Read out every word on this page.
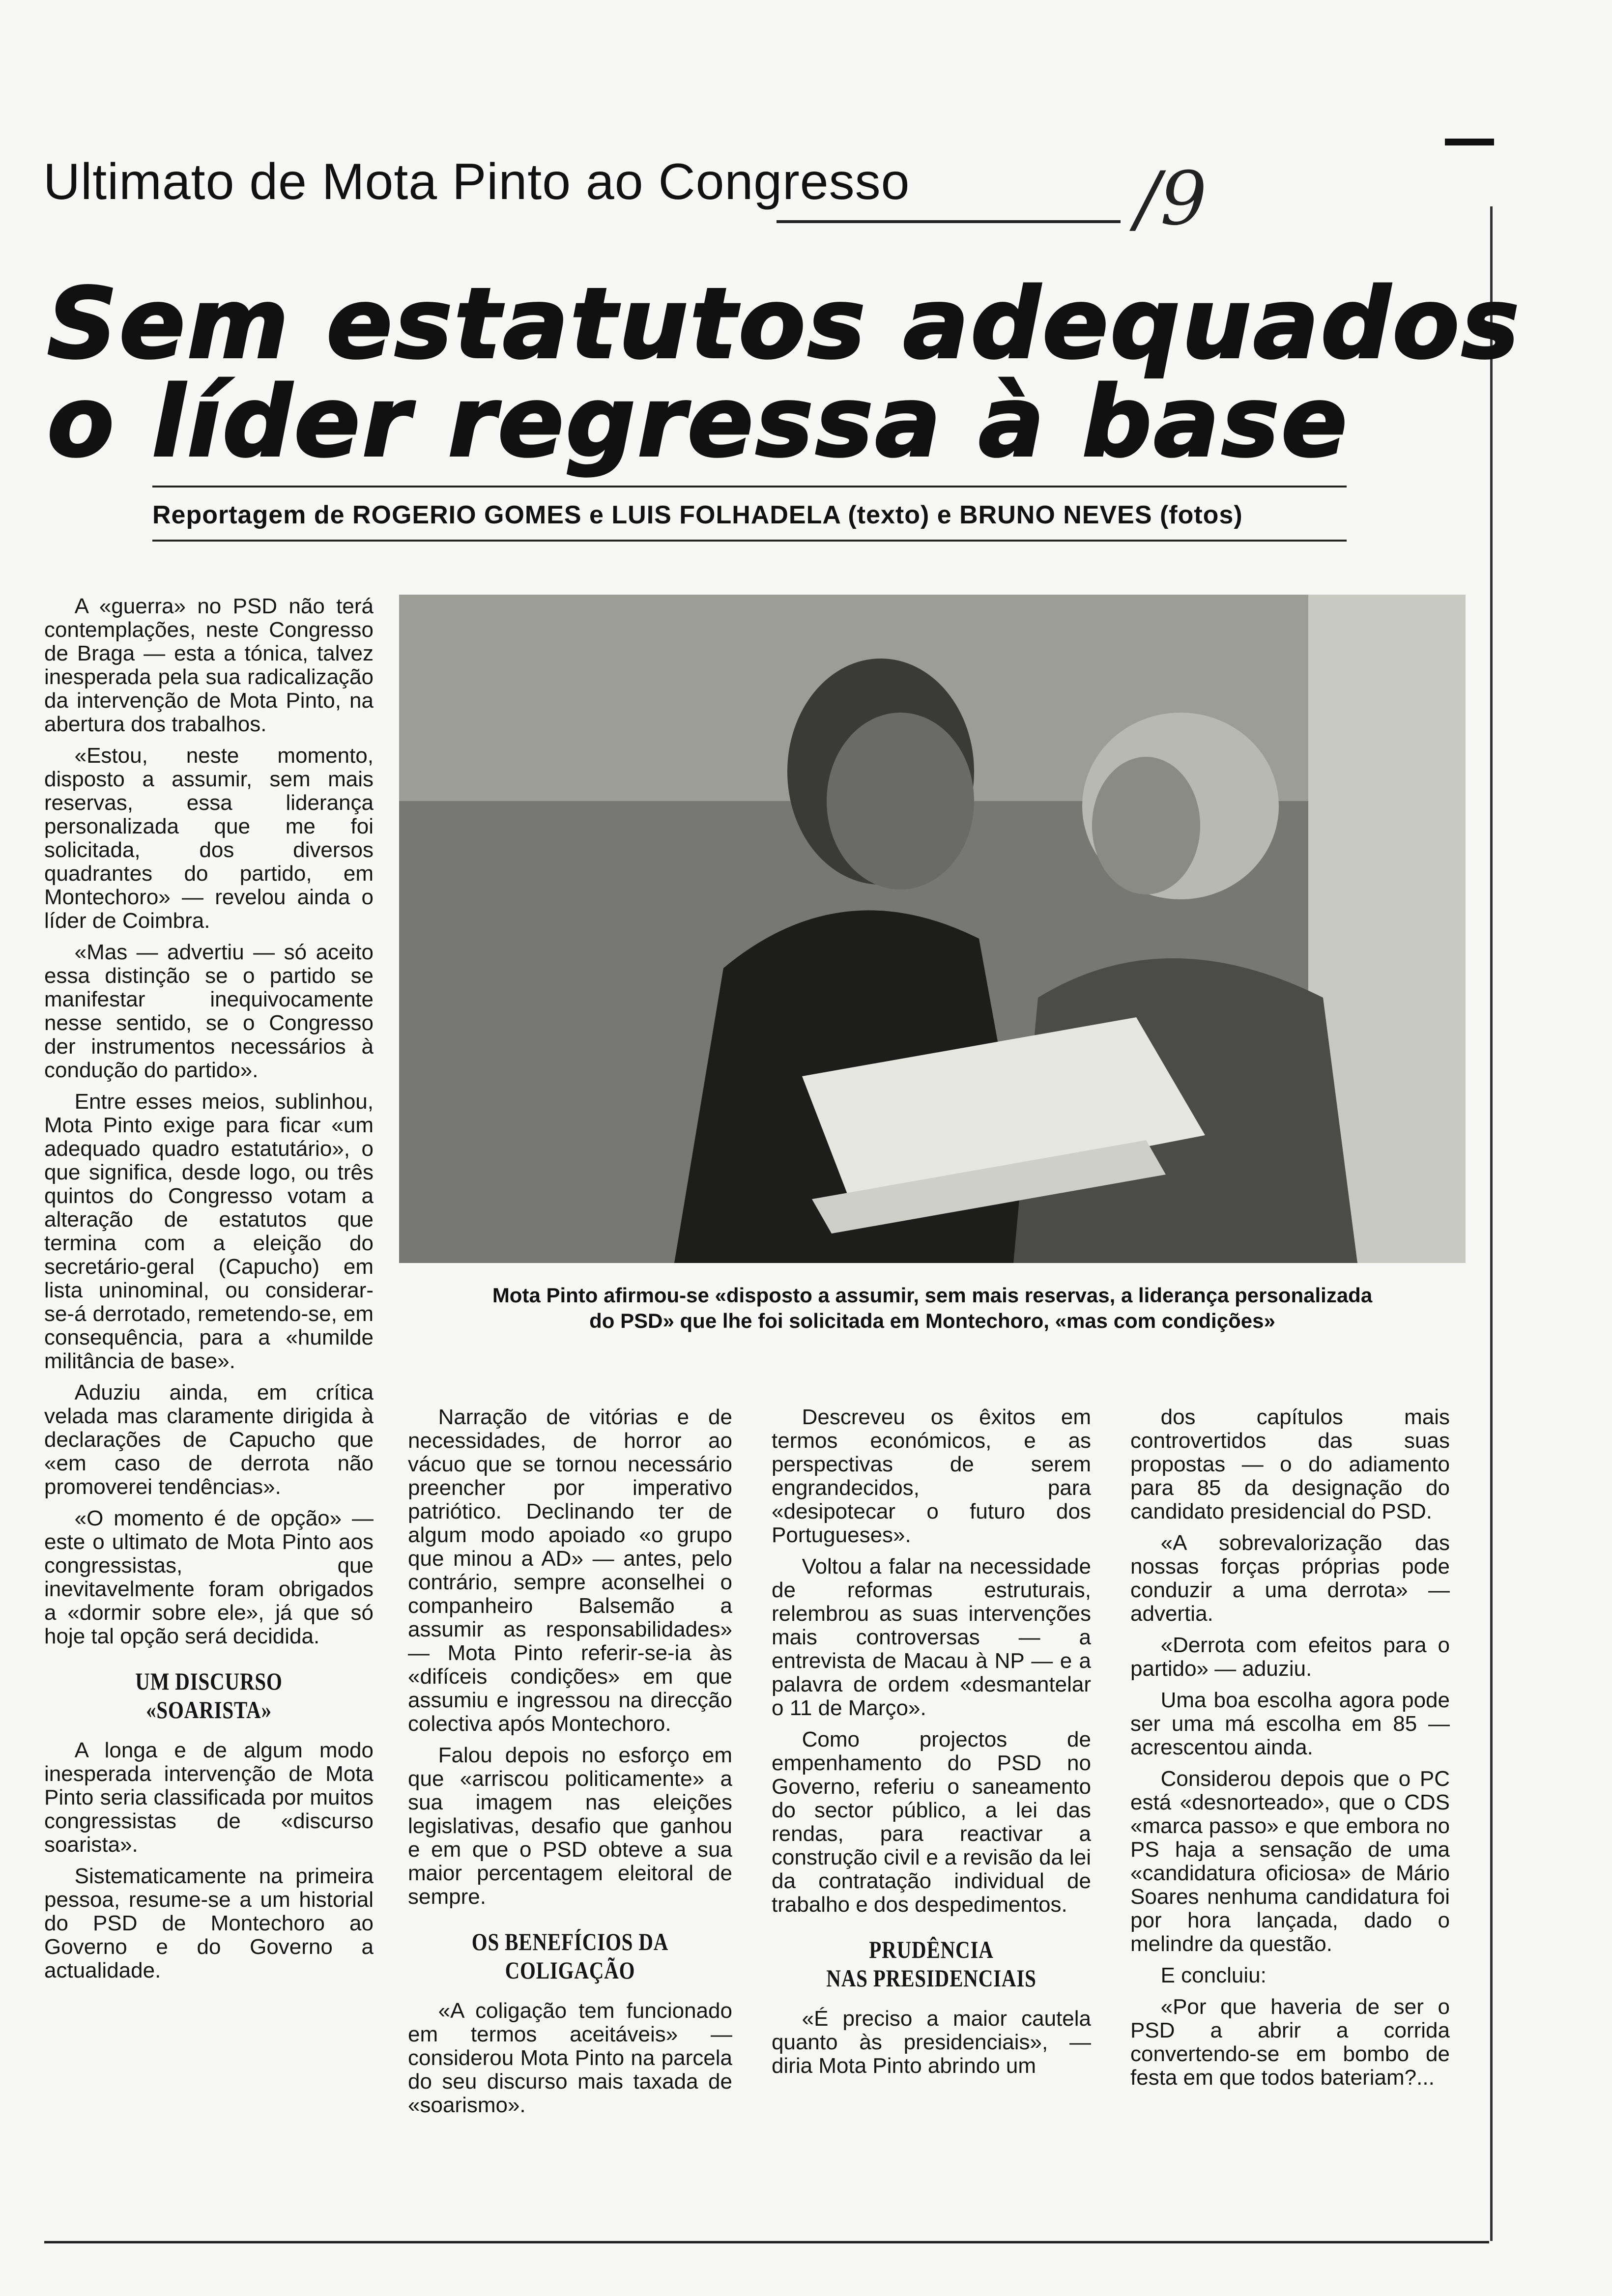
Ultimato de Mota Pinto ao Congresso	/9
Sem estatutos adequados
o líder regressa à base
Reportagem de ROGERIO GOMES e LUIS FOLHADELA (texto) e BRUNO NEVES (fotos)

A «guerra» no PSD não terá contemplações, neste Congresso de Braga — esta a tónica, talvez inesperada pela sua radicalização da intervenção de Mota Pinto, na abertura dos trabalhos.

«Estou, neste momento, disposto a assumir, sem mais reservas, essa liderança personalizada que me foi solicitada, dos diversos quadrantes do partido, em Montechoro» — revelou ainda o líder de Coimbra.

«Mas — advertiu — só aceito essa distinção se o partido se manifestar inequivocamente nesse sentido, se o Congresso der instrumentos necessários à condução do partido».

Entre esses meios, sublinhou, Mota Pinto exige para ficar «um adequado quadro estatutário», o que significa, desde logo, ou três quintos do Congresso votam a alteração de estatutos que termina com a eleição do secretário-geral (Capucho) em lista uninominal, ou considerar-se-á derrotado, remetendo-se, em consequência, para a «humilde militância de base».

Aduziu ainda, em crítica velada mas claramente dirigida à declarações de Capucho que «em caso de derrota não promoverei tendências».

«O momento é de opção» — este o ultimato de Mota Pinto aos congressistas, que inevitavelmente foram obrigados a «dormir sobre ele», já que só hoje tal opção será decidida.

UM DISCURSO «SOARISTA»

A longa e de algum modo inesperada intervenção de Mota Pinto seria classificada por muitos congressistas de «discurso soarista».

Sistematicamente na primeira pessoa, resume-se a um historial do PSD de Montechoro ao Governo e do Governo a actualidade.

Mota Pinto afirmou-se «disposto a assumir, sem mais reservas, a liderança personalizada
do PSD» que lhe foi solicitada em Montechoro, «mas com condições»

Narração de vitórias e de necessidades, de horror ao vácuo que se tornou necessário preencher por imperativo patriótico. Declinando ter de algum modo apoiado «o grupo que minou a AD» — antes, pelo contrário, sempre aconselhei o companheiro Balsemão a assumir as responsabilidades» — Mota Pinto referir-se-ia às «difíceis condições» em que assumiu e ingressou na direcção colectiva após Montechoro.

Falou depois no esforço em que «arriscou politicamente» a sua imagem nas eleições legislativas, desafio que ganhou e em que o PSD obteve a sua maior percentagem eleitoral de sempre.

OS BENEFÍCIOS DA COLIGAÇÃO

«A coligação tem funcionado em termos aceitáveis» — considerou Mota Pinto na parcela do seu discurso mais taxada de «soarismo».

Descreveu os êxitos em termos económicos, e as perspectivas de serem engrandecidos, para «desipotecar o futuro dos Portugueses».

Voltou a falar na necessidade de reformas estruturais, relembrou as suas intervenções mais controversas — a entrevista de Macau à NP — e a palavra de ordem «desmantelar o 11 de Março».

Como projectos de empenhamento do PSD no Governo, referiu o saneamento do sector público, a lei das rendas, para reactivar a construção civil e a revisão da lei da contratação individual de trabalho e dos despedimentos.

PRUDÊNCIA
NAS PRESIDENCIAIS

«É preciso a maior cautela quanto às presidenciais», — diria Mota Pinto abrindo um

dos capítulos mais controvertidos das suas propostas — o do adiamento para 85 da designação do candidato presidencial do PSD.

«A sobrevalorização das nossas forças próprias pode conduzir a uma derrota» — advertia.

«Derrota com efeitos para o partido» — aduziu.

Uma boa escolha agora pode ser uma má escolha em 85 — acrescentou ainda.

Considerou depois que o PC está «desnorteado», que o CDS «marca passo» e que embora no PS haja a sensação de uma «candidatura oficiosa» de Mário Soares nenhuma candidatura foi por hora lançada, dado o melindre da questão.

E concluiu:

«Por que haveria de ser o PSD a abrir a corrida convertendo-se em bombo de festa em que todos bateriam?...
